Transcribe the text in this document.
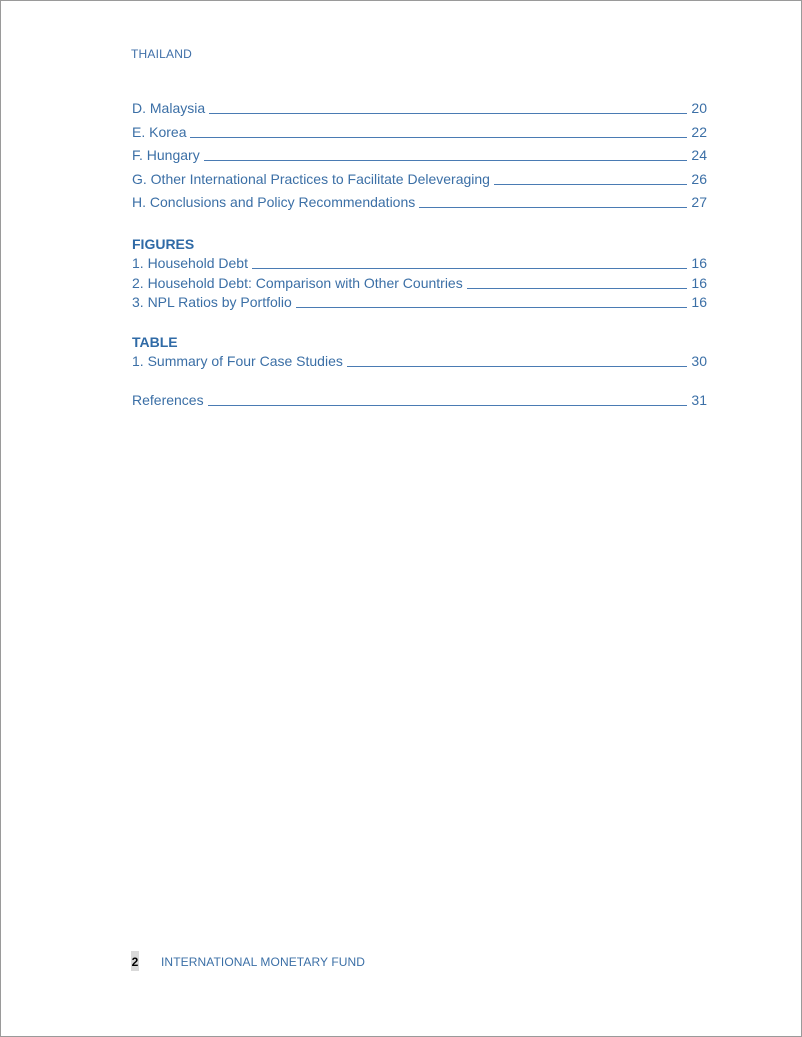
THAILAND
D. Malaysia	20
E. Korea	22
F. Hungary	24
G. Other International Practices to Facilitate Deleveraging	26
H. Conclusions and Policy Recommendations	27
FIGURES
1. Household Debt	16
2. Household Debt: Comparison with Other Countries	16
3. NPL Ratios by Portfolio	16
TABLE
1. Summary of Four Case Studies	30
References	31
2 INTERNATIONAL MONETARY FUND
